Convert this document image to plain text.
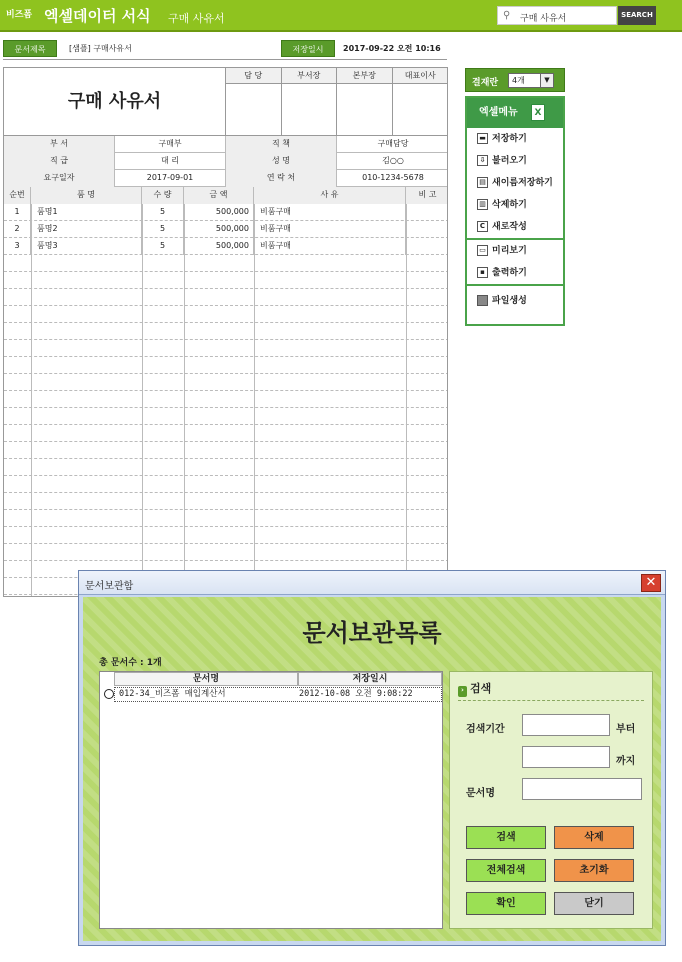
비즈폼 엑셀데이터 서식 구매 사유서	⚲ 구매 사유서	SEARCH
문서제목	[샘플] 구매사유서	저장일시	2017-09-22 오전 10:16
구매 사유서
담 당	부서장	본부장	대표이사
부 서	구매부	직 책	구매담당
직 급	대 리	성 명	김○○
요구일자	2017-09-01	연 락 처	010-1234-5678
순번	품 명	수 량	금 액	사 유	비 고
1	품명1	5	500,000	비품구매
2	품명2	5	500,000	비품구매
3	품명3	5	500,000	비품구매
결재란	4개	▼
엑셀메뉴	X
▬ 저장하기
⇩ 불러오기
▤ 새이름저장하기
▥ 삭제하기
C 새로작성
▭ 미리보기
▪ 출력하기
파일생성
문서보관함	✕
문서보관목록
총 문서수 : 1개
문서명	저장일시
012-34_비즈폼 매입계산서	2012-10-08 오전 9:08:22	› 검색
검색기간	부터
까지
문서명
검색	삭제
전체검색	초기화
확인	닫기
